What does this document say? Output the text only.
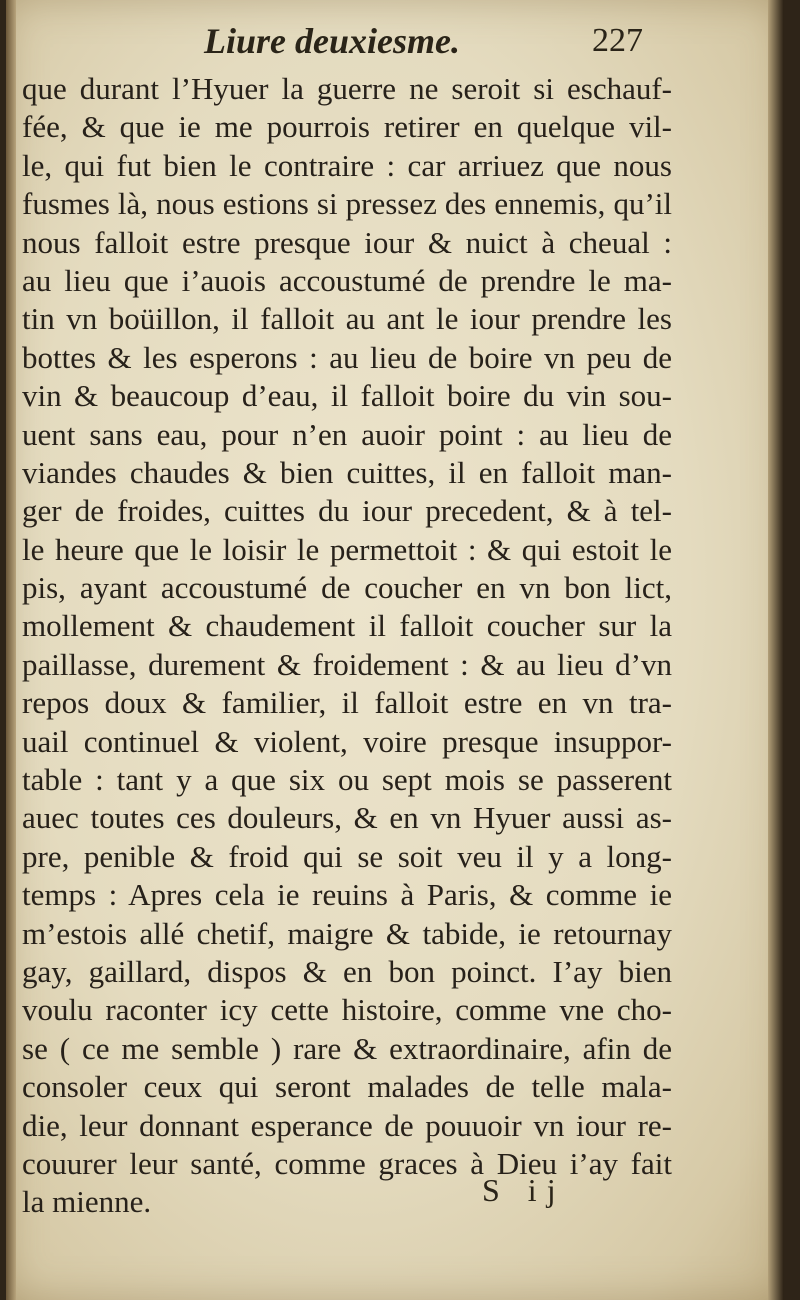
Liure deuxiesme.	227
que durant l’Hyuer la guerre ne seroit si eschauf-
fée, & que ie me pourrois retirer en quelque vil-
le, qui fut bien le contraire : car arriuez que nous
fusmes là, nous estions si pressez des ennemis, qu’il
nous falloit estre presque iour & nuict à cheual :
au lieu que i’auois accoustumé de prendre le ma-
tin vn boüillon, il falloit au ant le iour prendre les
bottes & les esperons : au lieu de boire vn peu de
vin & beaucoup d’eau, il falloit boire du vin sou-
uent sans eau, pour n’en auoir point : au lieu de
viandes chaudes & bien cuittes, il en falloit man-
ger de froides, cuittes du iour precedent, & à tel-
le heure que le loisir le permettoit : & qui estoit le
pis, ayant accoustumé de coucher en vn bon lict,
mollement & chaudement il falloit coucher sur la
paillasse, durement & froidement : & au lieu d’vn
repos doux & familier, il falloit estre en vn tra-
uail continuel & violent, voire presque insuppor-
table : tant y a que six ou sept mois se passerent
auec toutes ces douleurs, & en vn Hyuer aussi as-
pre, penible & froid qui se soit veu il y a long-
temps : Apres cela ie reuins à Paris, & comme ie
m’estois allé chetif, maigre & tabide, ie retournay
gay, gaillard, dispos & en bon poinct. I’ay bien
voulu raconter icy cette histoire, comme vne cho-
se ( ce me semble ) rare & extraordinaire, afin de
consoler ceux qui seront malades de telle mala-
die, leur donnant esperance de pouuoir vn iour re-
couurer leur santé, comme graces à Dieu i’ay fait
la mienne.	S ij
